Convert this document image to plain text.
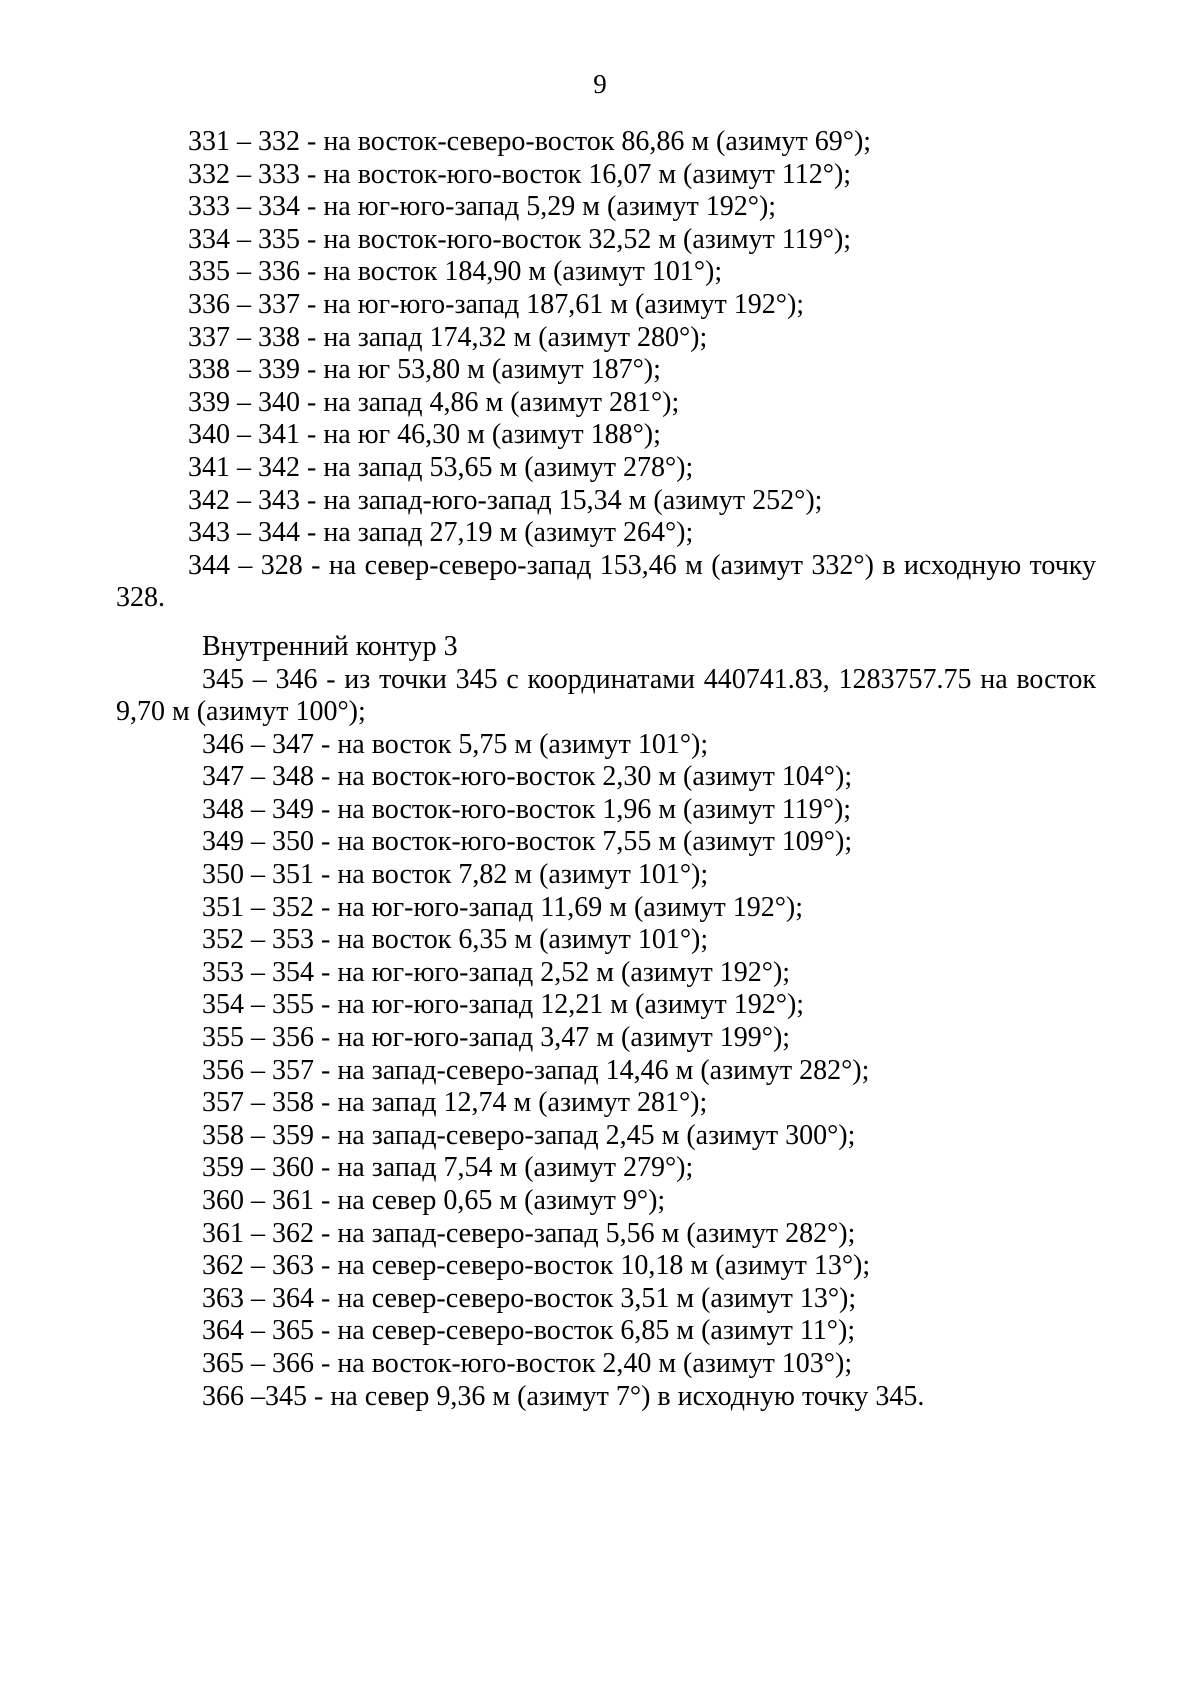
9
331 – 332 - на восток-северо-восток 86,86 м (азимут 69°);
332 – 333 - на восток-юго-восток 16,07 м (азимут 112°);
333 – 334 - на юг-юго-запад 5,29 м (азимут 192°);
334 – 335 - на восток-юго-восток 32,52 м (азимут 119°);
335 – 336 - на восток 184,90 м (азимут 101°);
336 – 337 - на юг-юго-запад 187,61 м (азимут 192°);
337 – 338 - на запад 174,32 м (азимут 280°);
338 – 339 - на юг 53,80 м (азимут 187°);
339 – 340 - на запад 4,86 м (азимут 281°);
340 – 341 - на юг 46,30 м (азимут 188°);
341 – 342 - на запад 53,65 м (азимут 278°);
342 – 343 - на запад-юго-запад 15,34 м (азимут 252°);
343 – 344 - на запад 27,19 м (азимут 264°);
344 – 328 - на север-северо-запад 153,46 м (азимут 332°) в исходную точку 328.
Внутренний контур 3
345 – 346 - из точки 345 с координатами 440741.83, 1283757.75 на восток 9,70 м (азимут 100°);
346 – 347 - на восток 5,75 м (азимут 101°);
347 – 348 - на восток-юго-восток 2,30 м (азимут 104°);
348 – 349 - на восток-юго-восток 1,96 м (азимут 119°);
349 – 350 - на восток-юго-восток 7,55 м (азимут 109°);
350 – 351 - на восток 7,82 м (азимут 101°);
351 – 352 - на юг-юго-запад 11,69 м (азимут 192°);
352 – 353 - на восток 6,35 м (азимут 101°);
353 – 354 - на юг-юго-запад 2,52 м (азимут 192°);
354 – 355 - на юг-юго-запад 12,21 м (азимут 192°);
355 – 356 - на юг-юго-запад 3,47 м (азимут 199°);
356 – 357 - на запад-северо-запад 14,46 м (азимут 282°);
357 – 358 - на запад 12,74 м (азимут 281°);
358 – 359 - на запад-северо-запад 2,45 м (азимут 300°);
359 – 360 - на запад 7,54 м (азимут 279°);
360 – 361 - на север 0,65 м (азимут 9°);
361 – 362 - на запад-северо-запад 5,56 м (азимут 282°);
362 – 363 - на север-северо-восток 10,18 м (азимут 13°);
363 – 364 - на север-северо-восток 3,51 м (азимут 13°);
364 – 365 - на север-северо-восток 6,85 м (азимут 11°);
365 – 366 - на восток-юго-восток 2,40 м (азимут 103°);
366 –345 - на север 9,36 м (азимут 7°) в исходную точку 345.
